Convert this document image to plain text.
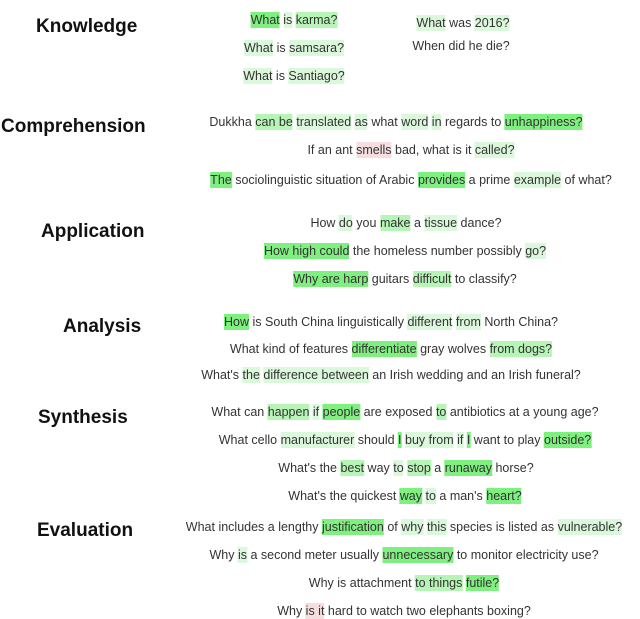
Knowledge
Comprehension
Application
Analysis
Synthesis
Evaluation
What is karma?
What is samsara?
What is Santiago?
What was 2016?
When did he die?
Dukkha can be translated as what word in regards to unhappiness?
If an ant smells bad, what is it called?
The sociolinguistic situation of Arabic provides a prime example of what?
How do you make a tissue dance?
How high could the homeless number possibly go?
Why are harp guitars difficult to classify?
How is South China linguistically different from North China?
What kind of features differentiate gray wolves from dogs?
What's the difference between an Irish wedding and an Irish funeral?
What can happen if people are exposed to antibiotics at a young age?
What cello manufacturer should I buy from if I want to play outside?
What's the best way to stop a runaway horse?
What's the quickest way to a man's heart?
What includes a lengthy justification of why this species is listed as vulnerable?
Why is a second meter usually unnecessary to monitor electricity use?
Why is attachment to things futile?
Why is it hard to watch two elephants boxing?
